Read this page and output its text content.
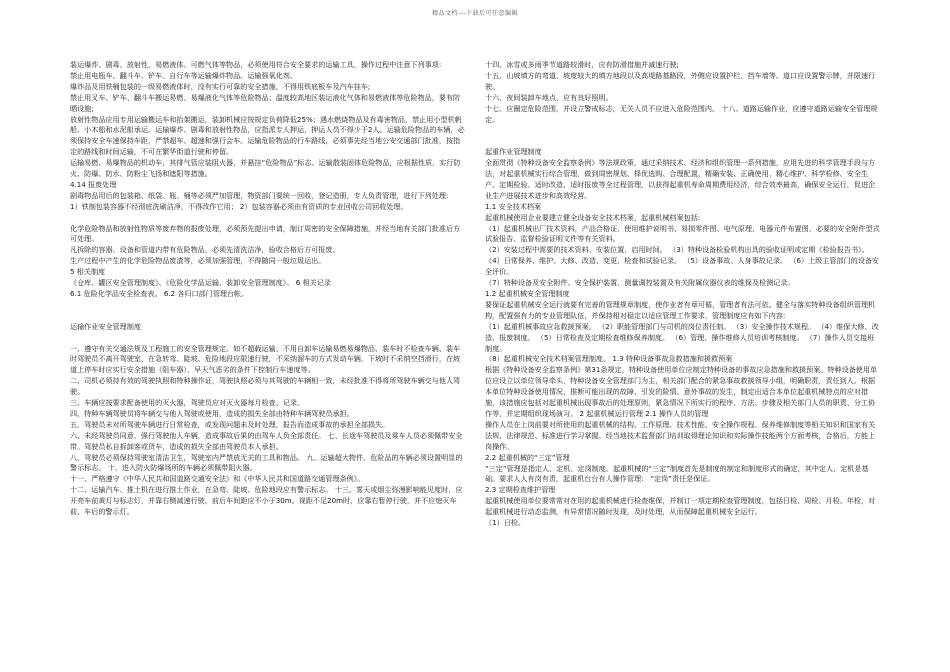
精品文档---下载后可任意编辑

装运爆炸、剧毒、放射性、易燃液体、可燃气体等物品，必须使用符合安全要求的运输工具，操作过程中注意下列事项:

禁止用电瓶车、翻斗车、铲车、自行车等运输爆炸物品。运输强氧化剂、

爆炸品及用铁桶包装的一级易燃液体时，没有实行可靠的安全措施，不得用铁底板车及汽车挂车;

禁止用叉车、铲车、翻斗车搬运易燃、易爆液化气体等危险物品；温度较高地区装运液化气体和易燃液体等危险物品，要有防晒设施;

放射性物品应用专用运输搬运车和抬架搬运，装卸机械应按规定负荷降低25%；遇水燃烧物品及有毒害物品，禁止用小型机帆船、小木船和水泥船承运。运输爆炸、剧毒和放射性物品，应指派专人押运，押运人员不得少于2人。运输危险物品的车辆，必须保持安全车速保持车距，严禁超车、超速和强行会车。运输危险物品的行车路线，必须事先经当地公安交通部门批准，按指定的路线和时间运输，不可在繁华街道行驶和停留。

运输易燃、易爆物品的机动车，其排气管应装阻火器，并悬挂“危险物品”标志。运输散装固体危险物品，应根据性质，实行防火、防爆、防水、防粉尘飞扬和遮阳等措施。

4.14 报废处理

剧毒物品用后的包装箱、纸袋、瓶、桶等必须严加管理，物资部门要统一回收，登记造册，专人负责管理，进行下列处理:

1）铁制包装容器不经彻底洗刷洁净，不得改作它用； 2）包装容器必须由有资质的专业回收公司回收处理。

化学危险物品和放射性物质等废弃物的报废处理，必须预先提出申请，制订周密的安全保障措施，并经当地有关部门批准后方可处理。

凡拆除的容器、设备和管道内带有危险物品，必须先清洗洁净，验收合格后方可报废。

生产过程中产生的化学危险物品废渣等，必须加强管理，不得随同一般垃圾运出。

5 相关制度

《仓库、罐区安全管理制度》、《危险化学品运输、装卸安全管理制度》。 6 相关记录

6.1 危险化学品安全检查表。 6.2 各归口部门管理台帐。

运输作业安全管理制度

一、遵守有关交通法规及工程施工的安全管理规定。如不超载运输、不用自卸车运输易燃易爆物品、装车时不检查车辆、装车时驾驶员不离开驾驶室，在急转弯、陡坡、危险地段应限速行驶，不采纳溜车的方式发动车辆，下坡时不采纳空挡滑行，在坡道上停车时应实行安全措施（阻车器），早天气恶劣的条件下控制行车速度等。

二、司机必须持有效的驾驶执照和特种操作证，驾驶执照必须与其驾驶的车辆相一致，未经批准不得将所驾驶车辆交与他人驾驶。

三、车辆应按要求配备使用的灭火器，驾驶员应对灭火器每月检查、记录。

四、特种车辆驾驶员将车辆交与他人驾驶或使用，造成的损失全部由特种车辆驾驶员承担。

五、驾驶员未对所驾驶车辆进行日常检查，或发现问题未及时处理，报告而造成事故的承担全部损失。

六、未经驾驶员同意，强行驾驶他人车辆，造成事故后果的由驾车人负全部责任。 七、长途车驾驶员及乘车人员必须佩带安全带。驾驶员私自拆卸客或货车，造成的损失全部由驾驶员本人承担。

八、驾驶员必须保持驾驶室清洁卫生，驾驶室内严禁放无关的工具和物品。 九、运输超大物件、危险品的车辆必须设置明显的警示标志。 十、进入防火防爆场所的车辆必须佩带阻火器。

十一、严格遵守《中华人民共和国道路交通安全法》和《中华人民共和国道路交通管理条例》。

十二、运输汽车、推土机在进行推土作业，在急弯、陡坡、危险地段应有警示标志。 十三、雾天或烟尘弥漫影响能见度时，应开亮车前黄灯与标志灯，并靠右侧减速行驶，前后车间距应不小于30m。视距不足20m时，应靠右暂停行驶，并不应熄灭车前、车后的警示灯。

十四、冰雪或多雨季节道路较滑时，应有防滑措施并减速行驶;

十五、山坡填方的弯道、坡度较大的填方地段以及高堤路基路段，外侧应设置护栏、挡车墙等。道口应设置警示牌，并限速行驶。

十六、夜间装卸车地点，应有良好照明。

十七、应圈定危险范围，并设立警戒标志，无关人员不应进入危险范围内。 十八、道路运输作业，应遵守道路运输安全管理规定。

起重作业管理制度

全面贯彻《特种设备安全监察条例》等法规政策，通过采纳技术、经济和组织管理一系列措施，应用先进的科学管理手段与方法，对起重机械实行综合管理，做到周密规划、择优选购、合理配置、精确安装、正确使用、精心维护、科学检修、安全生产、定期检验、适时改造、适时报废等全过程管理，以获得起重机寿命周期费用经济，综合效率最高，确保安全运行，促进企业生产进展技术进步和高效经营。

1.1 安全技术档案

起重机械使用企业要建立健全设备安全技术档案，起重机械档案包括:

（1）起重机械出厂技术资料，产品合格证、使用维护说明书、易损零件图、电气原理、电器元件布置图、必要的安全附件型式试验报告、监督检验证明文件等有关资料。

（2）安装过程中需要的技术资料，安装位置，启用时间。 （3）特种设备检验机构出具的验收证明或定期《检验报告书》。 （4）日常保养、维护、大修、改造、变更、检查和试验记录。 （5）设备事故、人身事故记录。 （6）上级主管部门的设备安全评价。

（7）特种设备及安全附件、安全保护装置、测量调控装置及有关附属仪器仪表的维保及检测记录。

1.2 起重机械安全管理制度

要保证起重机械安全运行就要有完善的管理规章制度，使作业者有章可循，管理者有法可依。健全与落实特种设备组织管理机构，配置强有力的专业管理队伍，并保持相对稳定以适应管理工作要求，管理制度应有如下内容:

（1）起重机械事故应急救援预案。 （2）职能管理部门与司机的岗位责任制。 （3）安全操作技术规程。 （4）维保大修、改造、报废制度。 （5）日常检查及定期检查维修保养制度。 （6）管理、操作维修人员培训考核制度。 （7）操作人员交接班制度。

（8）起重机械安全技术档案管理制度。 1.3 特种设备事故急救措施和援救预案

根据《特种设备安全监察条例》第31条规定，特种设备使用单位应制定特种设备的事故应急措施和救援预案。特种设备使用单位应设立以单位领导牵头，特种设备安全管理部门为主，相关部门配合的紧急事故救援领导小组，明确职责，责任到人。根据本单位特种设备使用情况，推断可能出现的故障、引发的险情、意外事故的发生，制定出适合本单位起重机械特点的应对措施，该措施应包括对起重机械出现事故后的处理原则，紧急情况下所实行的程序、方法、步骤及相关部门人员的职责、分工协作等，并定期组织现场演习。 2 起重机械运行管理 2.1 操作人员的管理

操作人员在上岗前要对所使用的起重机械的结构、工作原理、技术性能、安全操作规程、保养维修制度等相关知识和国家有关法规、法律规范、标准进行学习掌握。经当地技术监督部门培训取得理论知识和实际操作技能两个方面考核，合格后，方能上岗操作。

2.2 起重机械的“三定”管理

“三定”管理是指定人、定机、定岗制度。起重机械的“三定”制度首先是制度的制定和制度形式的确定，其中定人、定机是基础。要求人人有岗有责，起重机台台有人操作管理： “定岗”责任是保证。

2.3 定期检查维护管理

起重机械使用单位要常常对在用的起重机械进行检查维保，并制订一项定期检查管理制度，包括日检、周检、月检、年检，对起重机械进行动态监测，有异常情况随时发现，及时处理，从而保障起重机械安全运行。

（1）日检。
